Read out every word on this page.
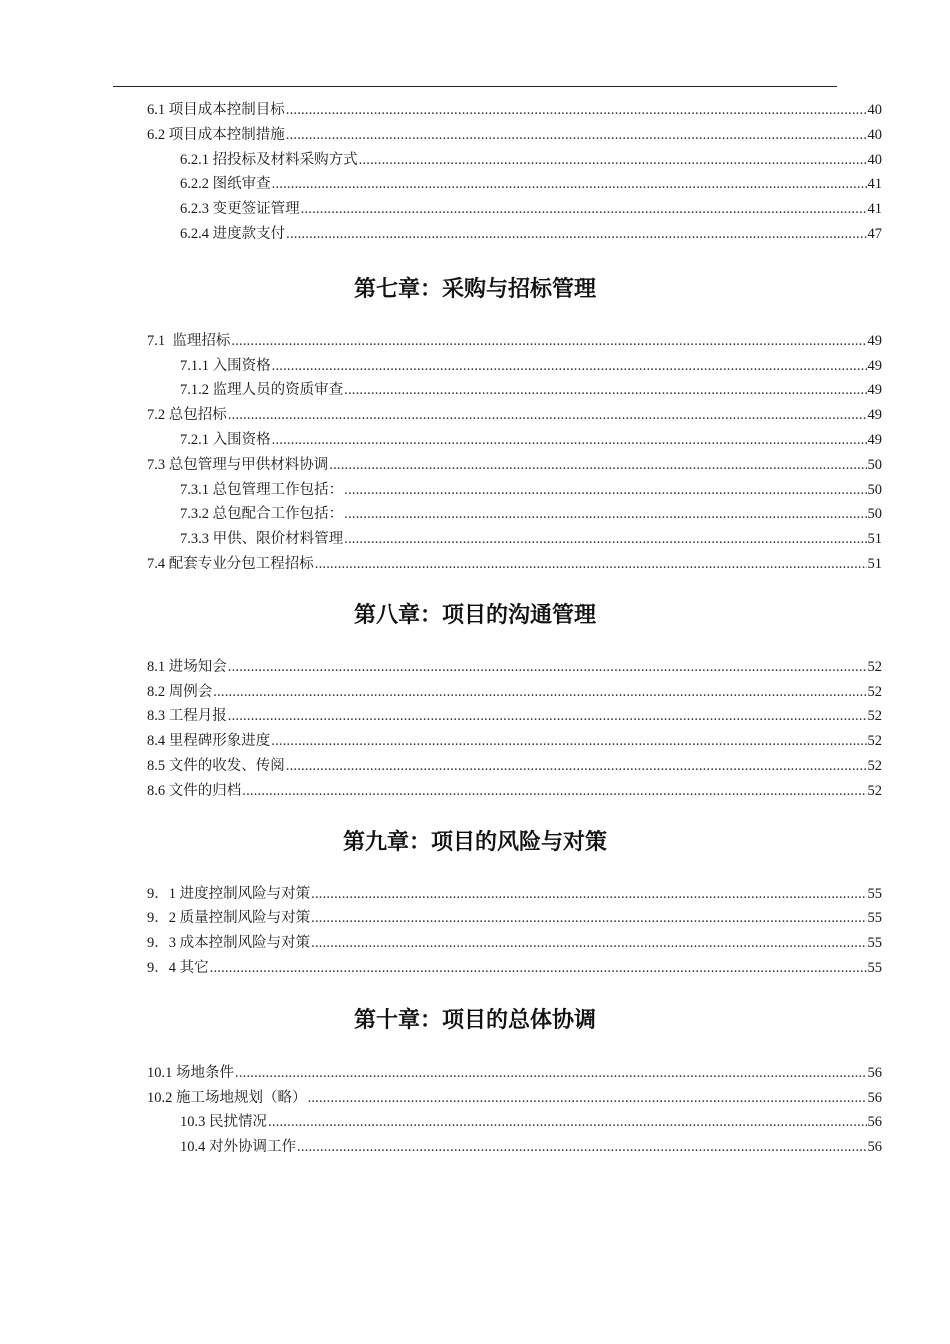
6.1 项目成本控制目标 .....	40
6.2 项目成本控制措施 .....	40
6.2.1 招投标及材料采购方式 .....	40
6.2.2 图纸审查 .....	41
6.2.3 变更签证管理 .....	41
6.2.4 进度款支付 .....	47
第七章：采购与招标管理
7.1  监理招标 .....	49
7.1.1 入围资格 .....	49
7.1.2 监理人员的资质审查 .....	49
7.2 总包招标 .....	49
7.2.1 入围资格 .....	49
7.3 总包管理与甲供材料协调 .....	50
7.3.1 总包管理工作包括： .....	50
7.3.2 总包配合工作包括： .....	50
7.3.3 甲供、限价材料管理 .....	51
7.4 配套专业分包工程招标 .....	51
第八章：项目的沟通管理
8.1 进场知会 .....	52
8.2 周例会 .....	52
8.3 工程月报 .....	52
8.4 里程碑形象进度 .....	52
8.5 文件的收发、传阅 .....	52
8.6 文件的归档 .....	52
第九章：项目的风险与对策
9．1 进度控制风险与对策 .....	55
9．2 质量控制风险与对策 .....	55
9．3 成本控制风险与对策 .....	55
9．4 其它 .....	55
第十章：项目的总体协调
10.1 场地条件 .....	56
10.2 施工场地规划（略） .....	56
10.3 民扰情况 .....	56
10.4 对外协调工作 .....	56
